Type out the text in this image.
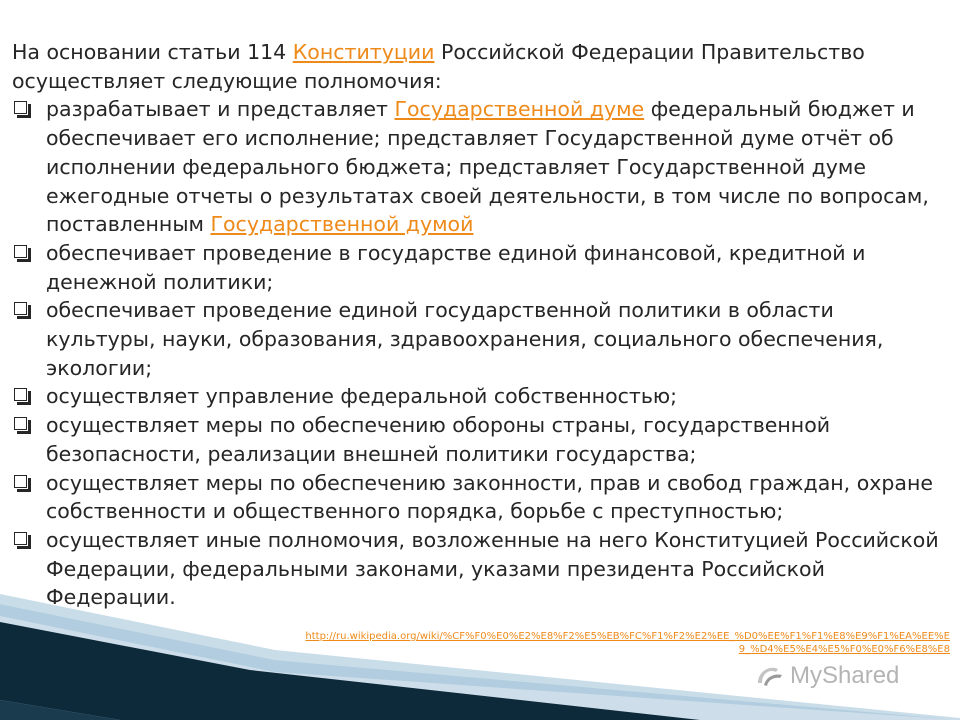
На основании статьи 114 Конституции Российской Федерации Правительство осуществляет следующие полномочия:

разрабатывает и представляет Государственной думе федеральный бюджет и обеспечивает его исполнение; представляет Государственной думе отчёт об исполнении федерального бюджета; представляет Государственной думе ежегодные отчеты о результатах своей деятельности, в том числе по вопросам, поставленным Государственной думой
обеспечивает проведение в государстве единой финансовой, кредитной и денежной политики;
обеспечивает проведение единой государственной политики в области культуры, науки, образования, здравоохранения, социального обеспечения, экологии;
осуществляет управление федеральной собственностью;
осуществляет меры по обеспечению обороны страны, государственной безопасности, реализации внешней политики государства;
осуществляет меры по обеспечению законности, прав и свобод граждан, охране собственности и общественного порядка, борьбе с преступностью;
осуществляет иные полномочия, возложенные на него Конституцией Российской Федерации, федеральными законами, указами президента Российской Федерации.
http://ru.wikipedia.org/wiki/%CF%F0%E0%E2%E8%F2%E5%EB%FC%F1%F2%E2%EE_%D0%EE%F1%F1%E8%E9%F1%EA%EE%E9_%D4%E5%E4%E5%F0%E0%F6%E8%E8
MyShared
